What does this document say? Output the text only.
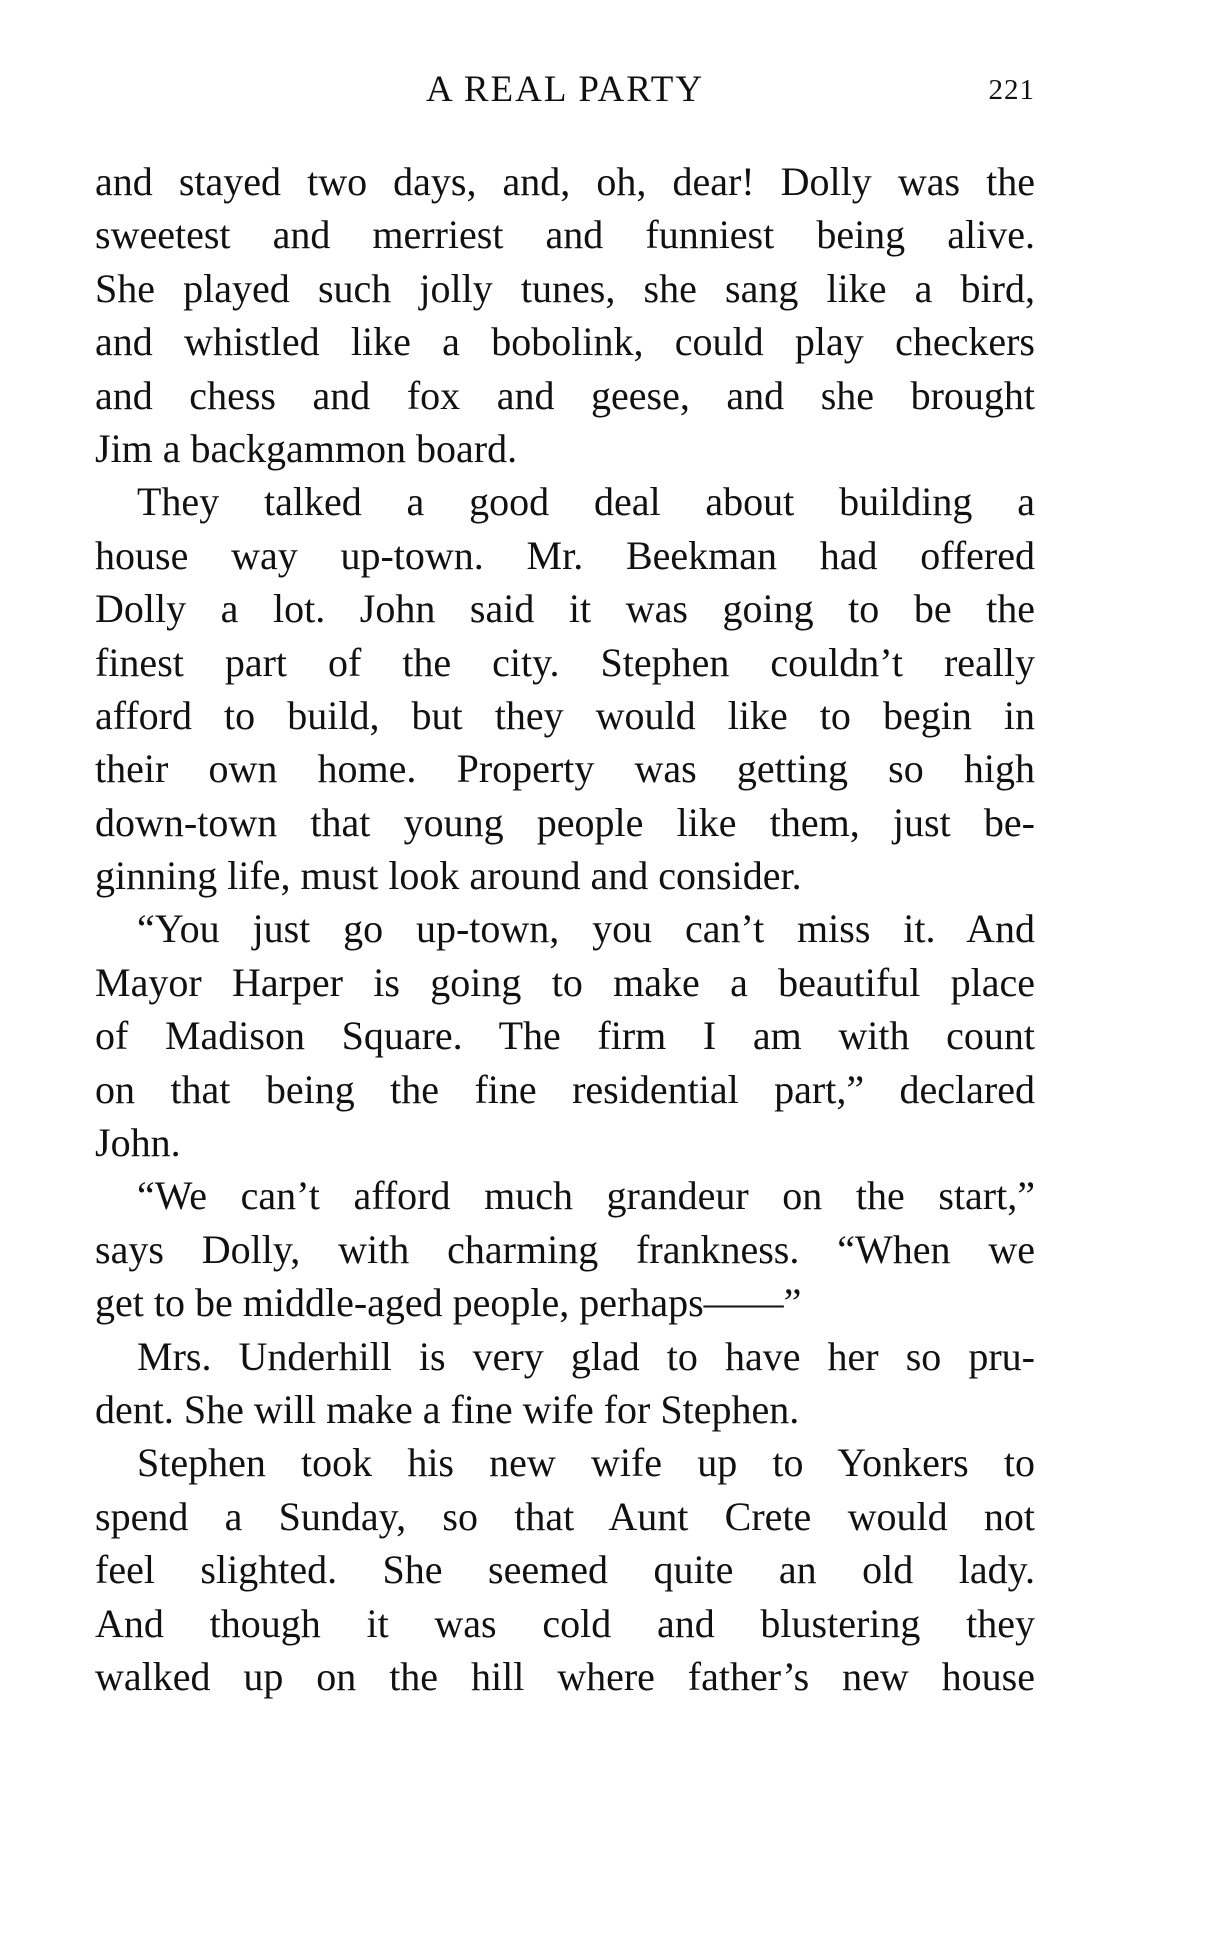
A REAL PARTY	221
and stayed two days, and, oh, dear! Dolly was the
sweetest and merriest and funniest being alive.
She played such jolly tunes, she sang like a bird,
and whistled like a bobolink, could play checkers
and chess and fox and geese, and she brought
Jim a backgammon board.
They talked a good deal about building a
house way up-town. Mr. Beekman had offered
Dolly a lot. John said it was going to be the
finest part of the city. Stephen couldn’t really
afford to build, but they would like to begin in
their own home. Property was getting so high
down-town that young people like them, just be-
ginning life, must look around and consider.
“You just go up-town, you can’t miss it. And
Mayor Harper is going to make a beautiful place
of Madison Square. The firm I am with count
on that being the fine residential part,” declared
John.
“We can’t afford much grandeur on the start,”
says Dolly, with charming frankness. “When we
get to be middle-aged people, perhaps——”
Mrs. Underhill is very glad to have her so pru-
dent. She will make a fine wife for Stephen.
Stephen took his new wife up to Yonkers to
spend a Sunday, so that Aunt Crete would not
feel slighted. She seemed quite an old lady.
And though it was cold and blustering they
walked up on the hill where father’s new house
